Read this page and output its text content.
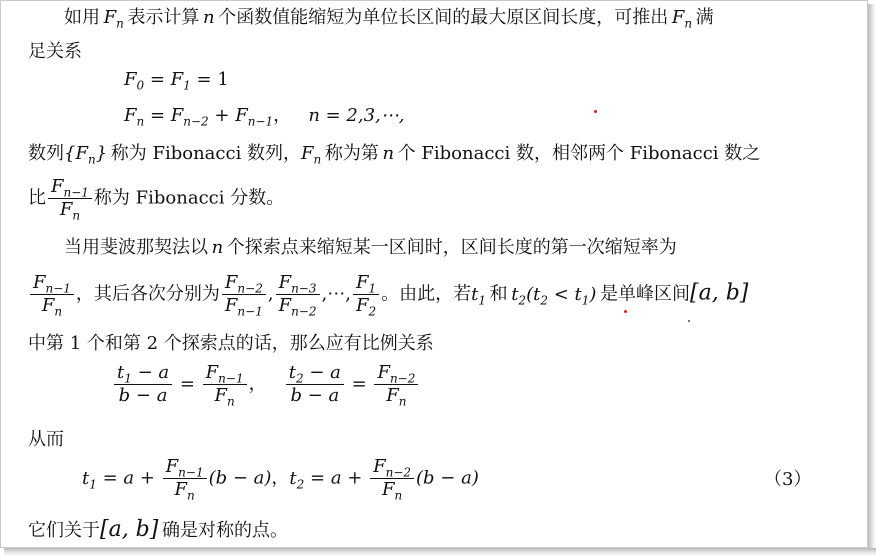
如用 $F_n$  表示计算 n 个函数值能缩短为单位长区间的最大原区间长度，可推出 $F_n$  满
足关系
$F_0 = F_1 = 1$
$F_n = F_{n-2} + F_{n-1}$， n = 2,3,⋯,
数列$\{F_n\}$  称为 Fibonacci 数列，$F_n$  称为第 n 个 Fibonacci 数，相邻两个 Fibonacci 数之
比 $\frac{F_{n-1}}{F_n}$ 称为 Fibonacci 分数。
当用斐波那契法以 n 个探索点来缩短某一区间时，区间长度的第一次缩短率为
$\frac{F_{n-1}}{F_n}$ ，其后各次分别为 $\frac{F_{n-2}}{F_{n-1}}$ , $\frac{F_{n-3}}{F_{n-2}}$ ,⋯, $\frac{F_1}{F_2}$ 。由此，若$t_1$  和  $t_2(t_2 < t_1)$  是单峰区间[a, b]
中第 1 个和第 2 个探索点的话，那么应有比例关系
$\frac{t_1 - a}{b - a} = \frac{F_{n-1}}{F_n}$ ， $\frac{t_2 - a}{b - a} = \frac{F_{n-2}}{F_n}$
从而
$t_1 = a + \frac{F_{n-1}}{F_n} (b - a)$，$t_2 = a + \frac{F_{n-2}}{F_n} (b - a)$	（3）
它们关于[a, b]  确是对称的点。
